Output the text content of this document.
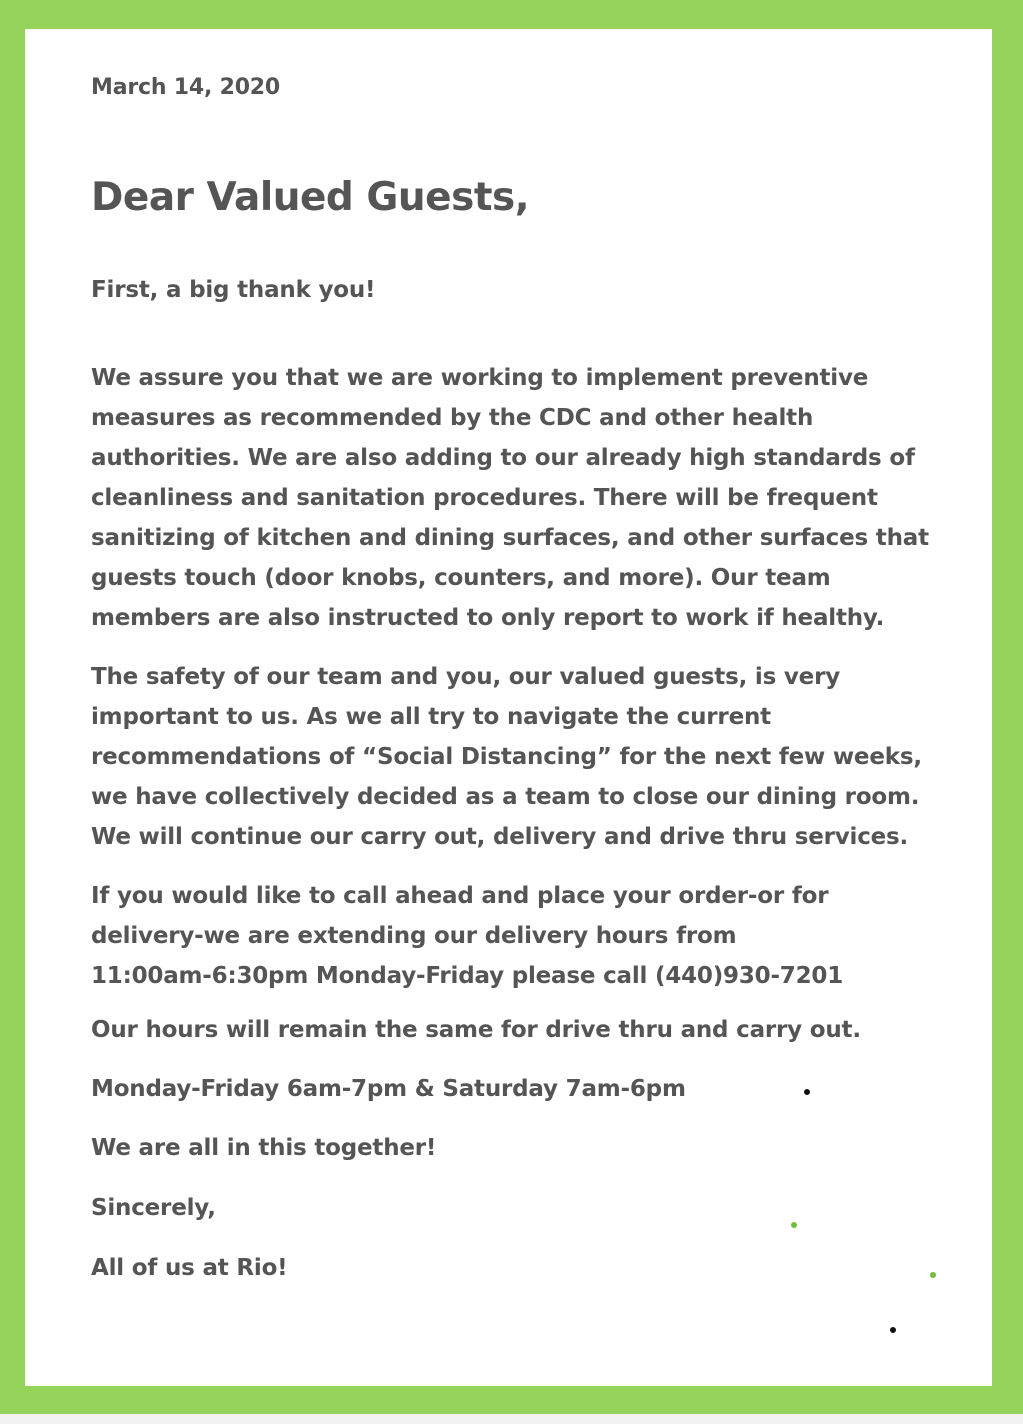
March 14, 2020

Dear Valued Guests,

First, a big thank you!

We assure you that we are working to implement preventive
measures as recommended by the CDC and other health
authorities. We are also adding to our already high standards of
cleanliness and sanitation procedures. There will be frequent
sanitizing of kitchen and dining surfaces, and other surfaces that
guests touch (door knobs, counters, and more). Our team
members are also instructed to only report to work if healthy.

The safety of our team and you, our valued guests, is very
important to us. As we all try to navigate the current
recommendations of “Social Distancing” for the next few weeks,
we have collectively decided as a team to close our dining room.
We will continue our carry out, delivery and drive thru services.

If you would like to call ahead and place your order-or for
delivery-we are extending our delivery hours from
11:00am-6:30pm Monday-Friday please call (440)930-7201

Our hours will remain the same for drive thru and carry out.

Monday-Friday 6am-7pm & Saturday 7am-6pm

We are all in this together!

Sincerely,

All of us at Rio!
